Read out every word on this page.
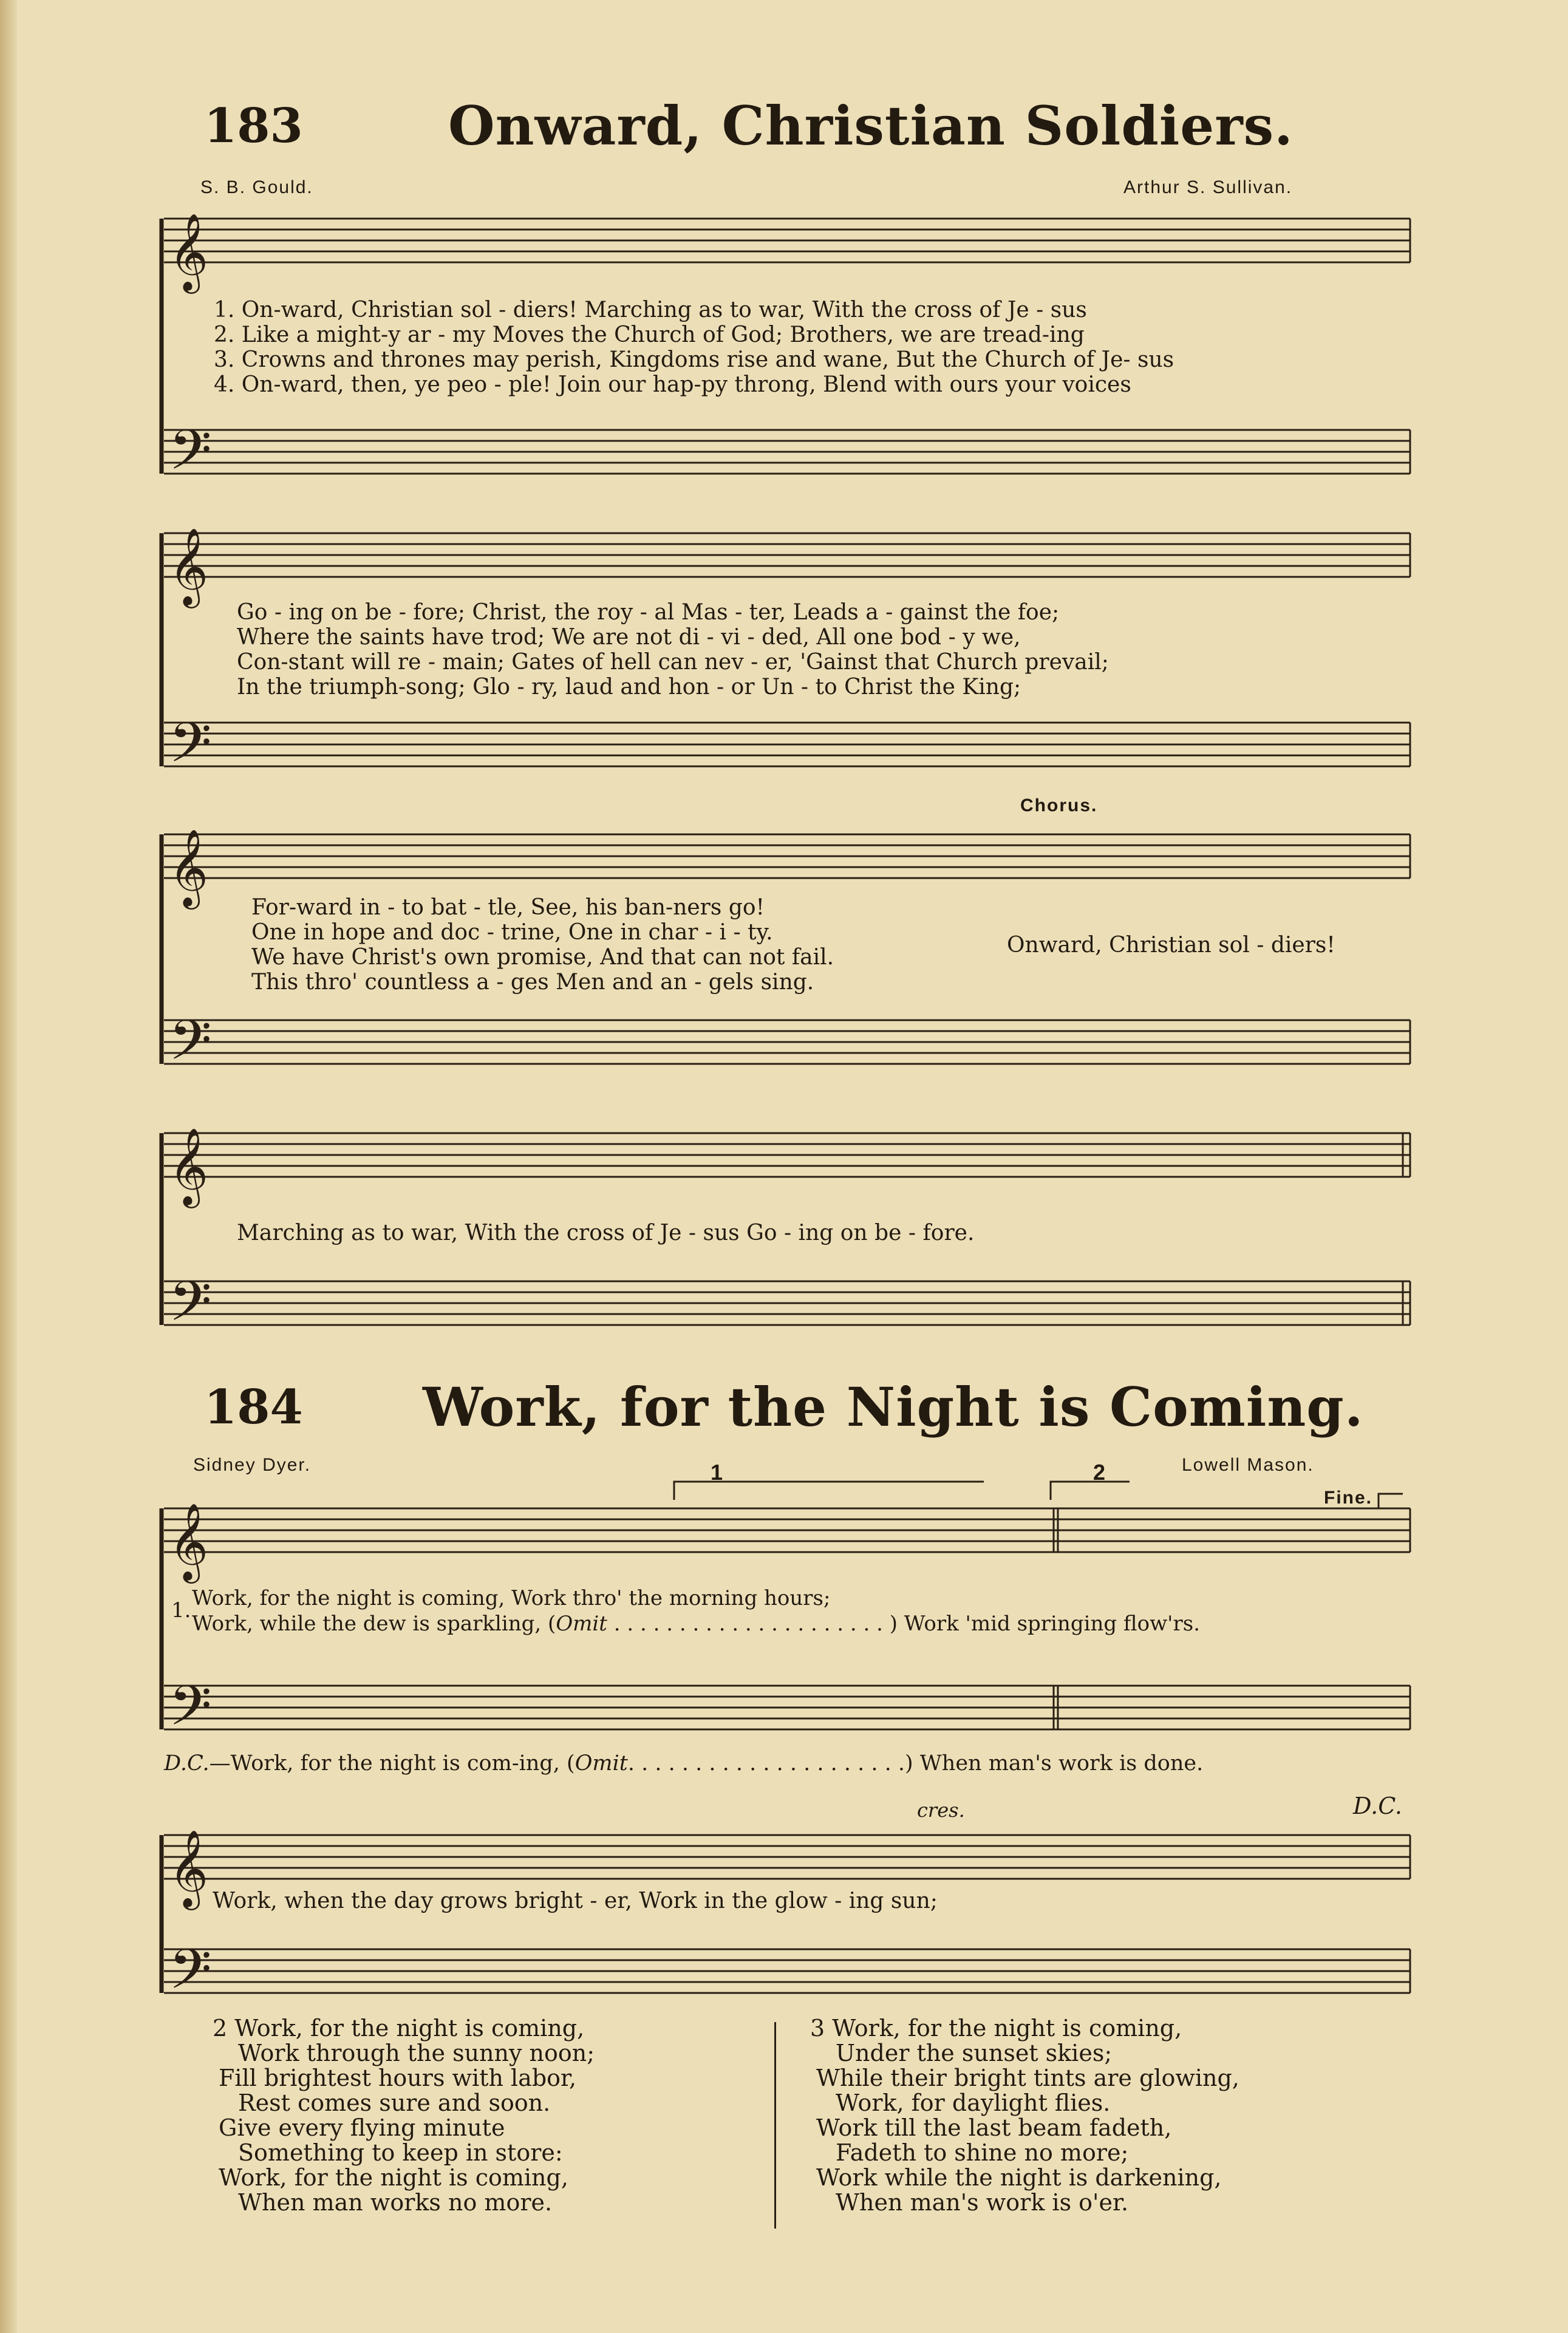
183	Onward, Christian Soldiers.
S. B. Gould.	Arthur S. Sullivan.
𝄞
𝄢
𝄞
𝄢
𝄞
𝄢
𝄞
𝄢
𝄞
𝄢
𝄞
𝄢
1. On-ward, Christian sol - diers! Marching as to war, With the cross of Je - sus
2. Like a might-y ar - my Moves the Church of God; Brothers, we are tread-ing
3. Crowns and thrones may perish, Kingdoms rise and wane, But the Church of Je- sus
4. On-ward, then, ye peo - ple! Join our hap-py throng, Blend with ours your voices
Go - ing on be - fore; Christ, the roy - al Mas - ter, Leads a - gainst the foe;
Where the saints have trod; We are not di - vi - ded, All one bod - y we,
Con-stant will re - main; Gates of hell can nev - er, 'Gainst that Church prevail;
In the triumph-song; Glo - ry, laud and hon - or Un - to Christ the King;
Chorus.
For-ward in - to bat - tle, See, his ban-ners go!
One in hope and doc - trine, One in char - i - ty.
We have Christ's own promise, And that can not fail.
This thro' countless a - ges Men and an - gels sing.
Onward, Christian sol - diers!
Marching as to war, With the cross of Je - sus Go - ing on be - fore.
184 Work, for the Night is Coming.
Sidney Dyer.	Lowell Mason.
1	2
Fine.
1. Work, for the night is coming, Work thro' the morning hours;
Work, while the dew is sparkling, (Omit . . . . . . . . . . . . . . . . . . . . . ) Work 'mid springing flow'rs.
D.C.—Work, for the night is com-ing, (Omit. . . . . . . . . . . . . . . . . . . . .) When man's work is done.
cres.	D.C.
Work, when the day grows bright - er, Work in the glow - ing sun;
2 Work, for the night is coming,
Work through the sunny noon;
Fill brightest hours with labor,
Rest comes sure and soon.
Give every flying minute
Something to keep in store:
Work, for the night is coming,
When man works no more.
3 Work, for the night is coming,
Under the sunset skies;
While their bright tints are glowing,
Work, for daylight flies.
Work till the last beam fadeth,
Fadeth to shine no more;
Work while the night is darkening,
When man's work is o'er.
